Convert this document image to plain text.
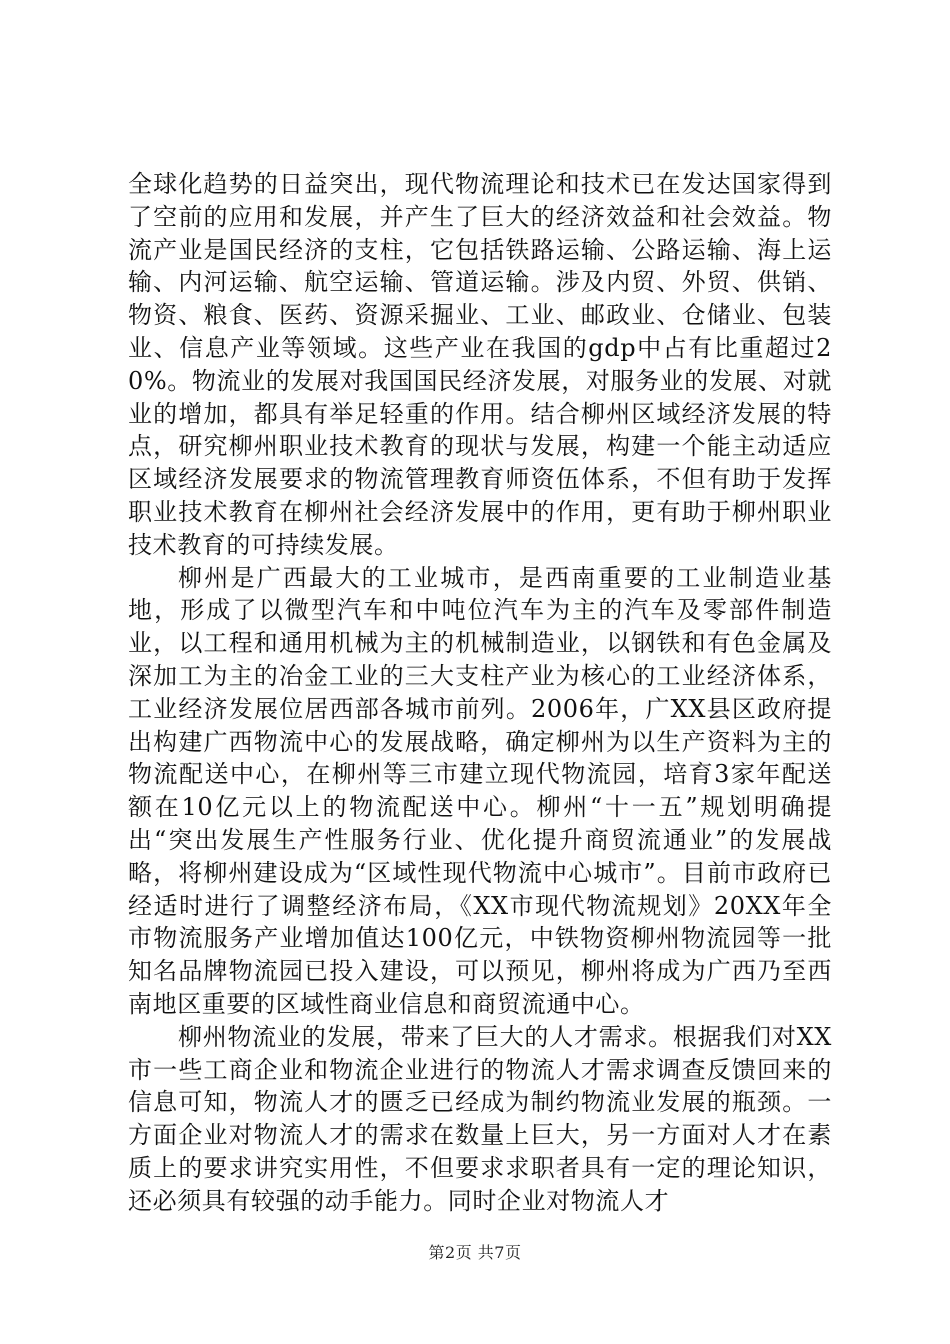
全球化趋势的日益突出，现代物流理论和技术已在发达国家得到了空前的应用和发展，并产生了巨大的经济效益和社会效益。物流产业是国民经济的支柱，它包括铁路运输、公路运输、海上运输、内河运输、航空运输、管道运输。涉及内贸、外贸、供销、物资、粮食、医药、资源采掘业、工业、邮政业、仓储业、包装业、信息产业等领域。这些产业在我国的gdp中占有比重超过20%。物流业的发展对我国国民经济发展，对服务业的发展、对就业的增加，都具有举足轻重的作用。结合柳州区域经济发展的特点，研究柳州职业技术教育的现状与发展，构建一个能主动适应区域经济发展要求的物流管理教育师资伍体系，不但有助于发挥职业技术教育在柳州社会经济发展中的作用，更有助于柳州职业技术教育的可持续发展。

柳州是广西最大的工业城市，是西南重要的工业制造业基地，形成了以微型汽车和中吨位汽车为主的汽车及零部件制造业，以工程和通用机械为主的机械制造业，以钢铁和有色金属及深加工为主的冶金工业的三大支柱产业为核心的工业经济体系，工业经济发展位居西部各城市前列。2006年，广XX县区政府提出构建广西物流中心的发展战略，确定柳州为以生产资料为主的物流配送中心，在柳州等三市建立现代物流园，培育3家年配送额在10亿元以上的物流配送中心。柳州“十一五”规划明确提出“突出发展生产性服务行业、优化提升商贸流通业”的发展战略，将柳州建设成为“区域性现代物流中心城市”。目前市政府已经适时进行了调整经济布局，《XX市现代物流规划》20XX年全市物流服务产业增加值达100亿元，中铁物资柳州物流园等一批知名品牌物流园已投入建设，可以预见，柳州将成为广西乃至西南地区重要的区域性商业信息和商贸流通中心。

柳州物流业的发展，带来了巨大的人才需求。根据我们对XX市一些工商企业和物流企业进行的物流人才需求调查反馈回来的信息可知，物流人才的匮乏已经成为制约物流业发展的瓶颈。一方面企业对物流人才的需求在数量上巨大，另一方面对人才在素质上的要求讲究实用性，不但要求求职者具有一定的理论知识，还必须具有较强的动手能力。同时企业对物流人才

第2页 共7页
